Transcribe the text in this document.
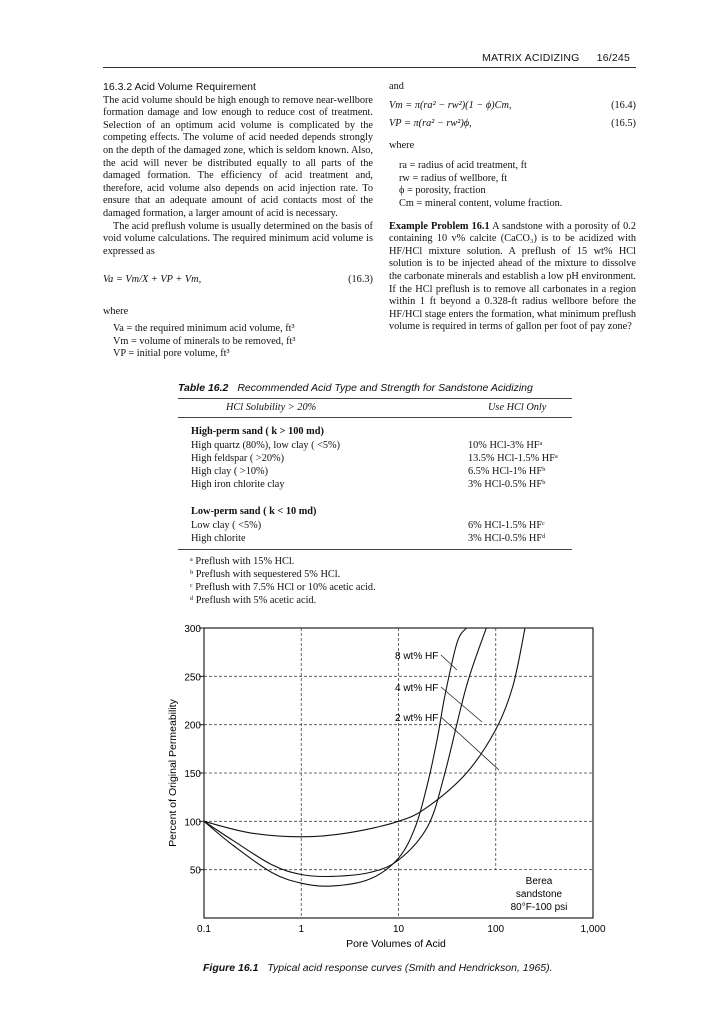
MATRIX ACIDIZING 16/245
16.3.2 Acid Volume Requirement

The acid volume should be high enough to remove near-wellbore formation damage and low enough to reduce cost of treatment. Selection of an optimum acid volume is complicated by the competing effects. The volume of acid needed depends strongly on the depth of the damaged zone, which is seldom known. Also, the acid will never be distributed equally to all parts of the damaged formation. The efficiency of acid treatment and, therefore, acid volume also depends on acid injection rate. To ensure that an adequate amount of acid contacts most of the damaged formation, a larger amount of acid is necessary.

The acid preflush volume is usually determined on the basis of void volume calculations. The required minimum acid volume is expressed as

Va = Vm/X + VP + Vm,	(16.3)

where

Va = the required minimum acid volume, ft³
Vm = volume of minerals to be removed, ft³
VP = initial pore volume, ft³

and

Vm = π(ra² − rw²)(1 − ϕ)Cm,	(16.4)
VP = π(ra² − rw²)ϕ,	(16.5)

where

ra = radius of acid treatment, ft
rw = radius of wellbore, ft
ϕ = porosity, fraction
Cm = mineral content, volume fraction.

Example Problem 16.1 A sandstone with a porosity of 0.2 containing 10 v% calcite (CaCO₃) is to be acidized with HF/HCl mixture solution. A preflush of 15 wt% HCl solution is to be injected ahead of the mixture to dissolve the carbonate minerals and establish a low pH environment. If the HCl preflush is to remove all carbonates in a region within 1 ft beyond a 0.328-ft radius wellbore before the HF/HCl stage enters the formation, what minimum preflush volume is required in terms of gallon per foot of pay zone?

Table 16.2 Recommended Acid Type and Strength for Sandstone Acidizing
HCl Solubility > 20%	Use HCl Only
High-perm sand ( k > 100 md)
High quartz (80%), low clay ( <5%)	10% HCl-3% HFᵃ
High feldspar ( >20%)	13.5% HCl-1.5% HFᵃ
High clay ( >10%)	6.5% HCl-1% HFᵇ
High iron chlorite clay	3% HCl-0.5% HFᵇ
Low-perm sand ( k < 10 md)
Low clay ( <5%)	6% HCl-1.5% HFᶜ
High chlorite	3% HCl-0.5% HFᵈ
ᵃ Preflush with 15% HCl.
ᵇ Preflush with sequestered 5% HCl.
ᶜ Preflush with 7.5% HCl or 10% acetic acid.
ᵈ Preflush with 5% acetic acid.
50
100
150
200
250
300
0.1	1	10	100	1,000
8 wt% HF
4 wt% HF
2 wt% HF
Berea
sandstone
80°F-100 psi
Pore Volumes of Acid
Percent of Original Permeability
Figure 16.1 Typical acid response curves (Smith and Hendrickson, 1965).
